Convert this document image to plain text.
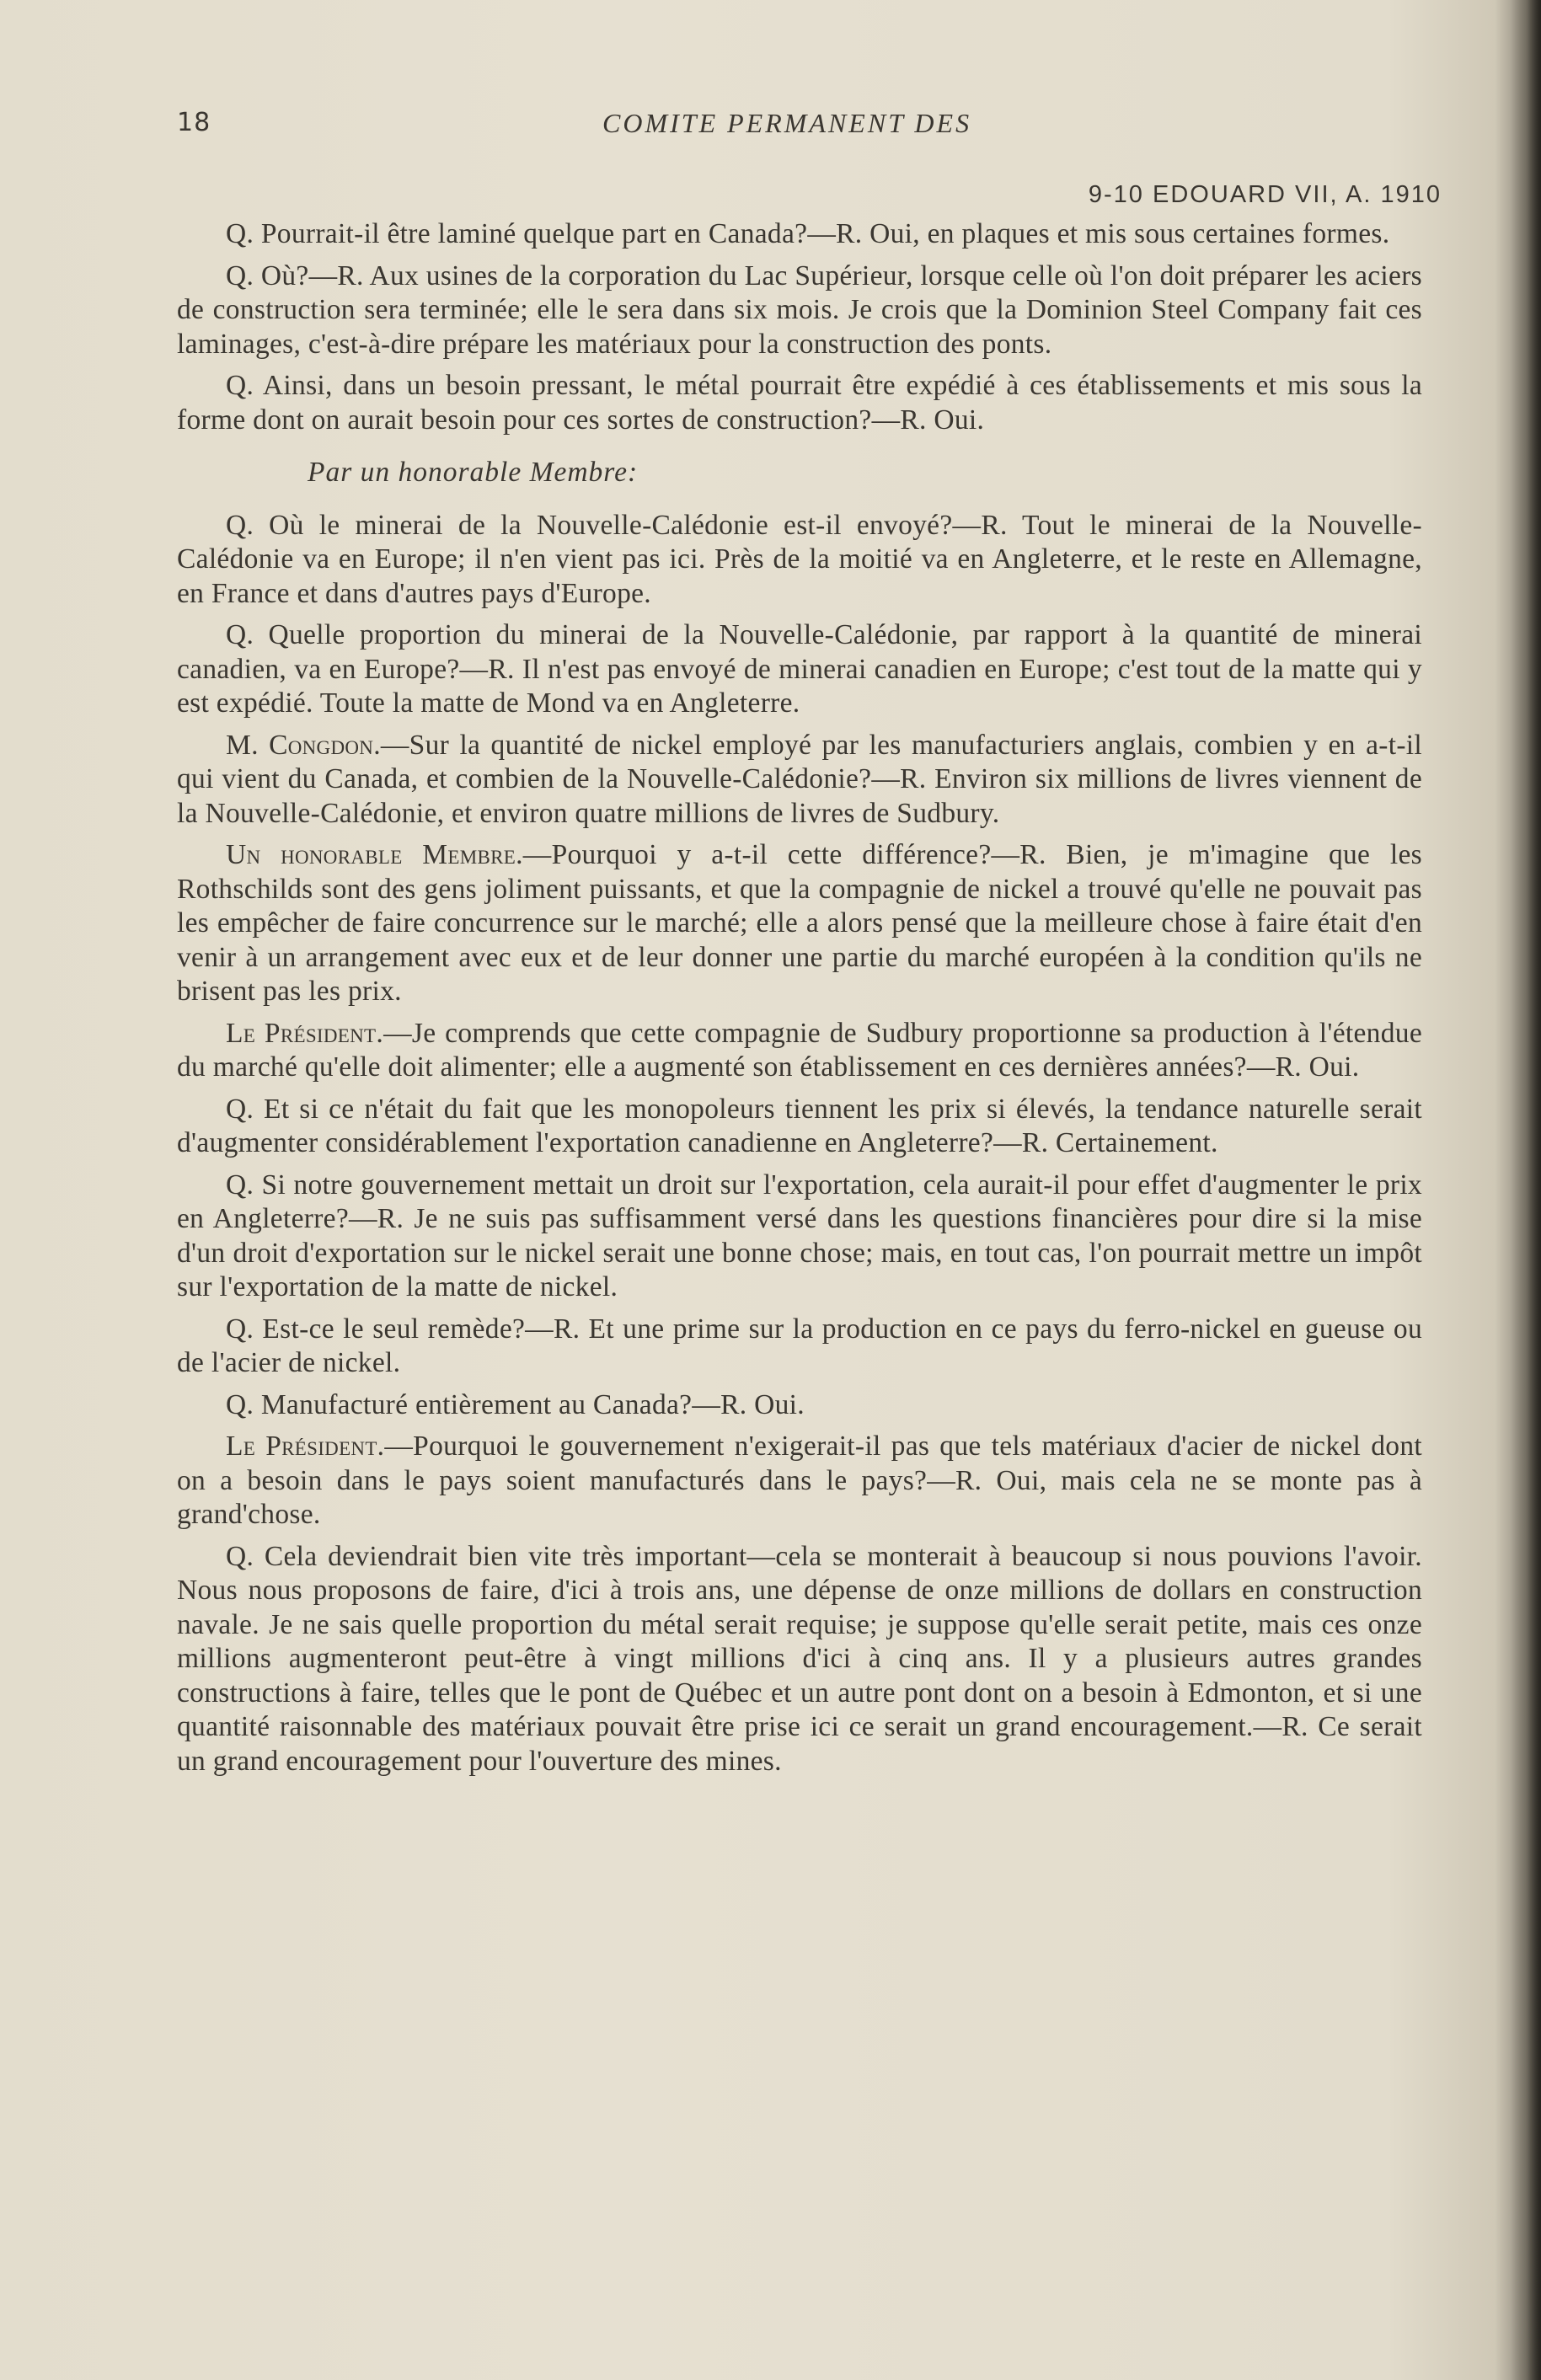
18	COMITE PERMANENT DES
9-10 EDOUARD VII, A. 1910

Q. Pourrait-il être laminé quelque part en Canada?—R. Oui, en plaques et mis sous certaines formes.

Q. Où?—R. Aux usines de la corporation du Lac Supérieur, lorsque celle où l'on doit préparer les aciers de construction sera terminée; elle le sera dans six mois. Je crois que la Dominion Steel Company fait ces laminages, c'est-à-dire prépare les matériaux pour la construction des ponts.

Q. Ainsi, dans un besoin pressant, le métal pourrait être expédié à ces établissements et mis sous la forme dont on aurait besoin pour ces sortes de construction?—R. Oui.

Par un honorable Membre:

Q. Où le minerai de la Nouvelle-Calédonie est-il envoyé?—R. Tout le minerai de la Nouvelle-Calédonie va en Europe; il n'en vient pas ici. Près de la moitié va en Angleterre, et le reste en Allemagne, en France et dans d'autres pays d'Europe.

Q. Quelle proportion du minerai de la Nouvelle-Calédonie, par rapport à la quantité de minerai canadien, va en Europe?—R. Il n'est pas envoyé de minerai canadien en Europe; c'est tout de la matte qui y est expédié. Toute la matte de Mond va en Angleterre.

M. Congdon.—Sur la quantité de nickel employé par les manufacturiers anglais, combien y en a-t-il qui vient du Canada, et combien de la Nouvelle-Calédonie?—R. Environ six millions de livres viennent de la Nouvelle-Calédonie, et environ quatre millions de livres de Sudbury.

Un honorable Membre.—Pourquoi y a-t-il cette différence?—R. Bien, je m'imagine que les Rothschilds sont des gens joliment puissants, et que la compagnie de nickel a trouvé qu'elle ne pouvait pas les empêcher de faire concurrence sur le marché; elle a alors pensé que la meilleure chose à faire était d'en venir à un arrangement avec eux et de leur donner une partie du marché européen à la condition qu'ils ne brisent pas les prix.

Le Président.—Je comprends que cette compagnie de Sudbury proportionne sa production à l'étendue du marché qu'elle doit alimenter; elle a augmenté son établissement en ces dernières années?—R. Oui.

Q. Et si ce n'était du fait que les monopoleurs tiennent les prix si élevés, la tendance naturelle serait d'augmenter considérablement l'exportation canadienne en Angleterre?—R. Certainement.

Q. Si notre gouvernement mettait un droit sur l'exportation, cela aurait-il pour effet d'augmenter le prix en Angleterre?—R. Je ne suis pas suffisamment versé dans les questions financières pour dire si la mise d'un droit d'exportation sur le nickel serait une bonne chose; mais, en tout cas, l'on pourrait mettre un impôt sur l'exportation de la matte de nickel.

Q. Est-ce le seul remède?—R. Et une prime sur la production en ce pays du ferro-nickel en gueuse ou de l'acier de nickel.

Q. Manufacturé entièrement au Canada?—R. Oui.

Le Président.—Pourquoi le gouvernement n'exigerait-il pas que tels matériaux d'acier de nickel dont on a besoin dans le pays soient manufacturés dans le pays?—R. Oui, mais cela ne se monte pas à grand'chose.

Q. Cela deviendrait bien vite très important—cela se monterait à beaucoup si nous pouvions l'avoir. Nous nous proposons de faire, d'ici à trois ans, une dépense de onze millions de dollars en construction navale. Je ne sais quelle proportion du métal serait requise; je suppose qu'elle serait petite, mais ces onze millions augmenteront peut-être à vingt millions d'ici à cinq ans. Il y a plusieurs autres grandes constructions à faire, telles que le pont de Québec et un autre pont dont on a besoin à Edmonton, et si une quantité raisonnable des matériaux pouvait être prise ici ce serait un grand encouragement.—R. Ce serait un grand encouragement pour l'ouverture des mines.
